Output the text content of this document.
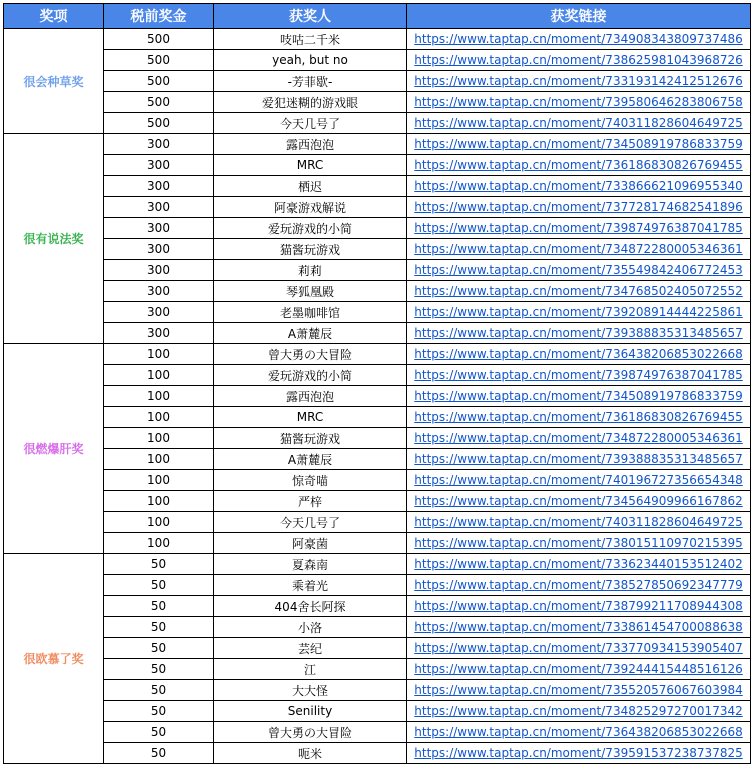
奖项	税前奖金	获奖人	获奖链接
很会种草奖	500	吱咕二千米	https://www.taptap.cn/moment/734908343809737486
	500	yeah, but no	https://www.taptap.cn/moment/738625981043968726
	500	-芳菲歇-	https://www.taptap.cn/moment/733193142412512676
	500	爱犯迷糊的游戏眼	https://www.taptap.cn/moment/739580646283806758
	500	今天几号了	https://www.taptap.cn/moment/740311828604649725
很有说法奖	300	露西泡泡	https://www.taptap.cn/moment/734508919786833759
	300	MRC	https://www.taptap.cn/moment/736186830826769455
	300	栖迟	https://www.taptap.cn/moment/733866621096955340
	300	阿豪游戏解说	https://www.taptap.cn/moment/737728174682541896
	300	爱玩游戏的小简	https://www.taptap.cn/moment/739874976387041785
	300	猫酱玩游戏	https://www.taptap.cn/moment/734872280005346361
	300	莉莉	https://www.taptap.cn/moment/735549842406772453
	300	琴狐凰殿	https://www.taptap.cn/moment/734768502405072552
	300	老墨咖啡馆	https://www.taptap.cn/moment/739208914444225861
	300	A萧麓辰	https://www.taptap.cn/moment/739388835313485657
很燃爆肝奖	100	曾大勇の大冒险	https://www.taptap.cn/moment/736438206853022668
	100	爱玩游戏的小简	https://www.taptap.cn/moment/739874976387041785
	100	露西泡泡	https://www.taptap.cn/moment/734508919786833759
	100	MRC	https://www.taptap.cn/moment/736186830826769455
	100	猫酱玩游戏	https://www.taptap.cn/moment/734872280005346361
	100	A萧麓辰	https://www.taptap.cn/moment/739388835313485657
	100	惊奇喵	https://www.taptap.cn/moment/740196727356654348
	100	严梓	https://www.taptap.cn/moment/734564909966167862
	100	今天几号了	https://www.taptap.cn/moment/740311828604649725
	100	阿豪菌	https://www.taptap.cn/moment/738015110970215395
很欧慕了奖	50	夏森南	https://www.taptap.cn/moment/733623440153512402
	50	乘着光	https://www.taptap.cn/moment/738527850692347779
	50	404舍长阿探	https://www.taptap.cn/moment/738799211708944308
	50	小洛	https://www.taptap.cn/moment/733861454700088638
	50	芸纪	https://www.taptap.cn/moment/733770934153905407
	50	江	https://www.taptap.cn/moment/739244415448516126
	50	大大怪	https://www.taptap.cn/moment/735520576067603984
	50	Senility	https://www.taptap.cn/moment/734825297270017342
	50	曾大勇の大冒险	https://www.taptap.cn/moment/736438206853022668
	50	呃米	https://www.taptap.cn/moment/739591537238737825
